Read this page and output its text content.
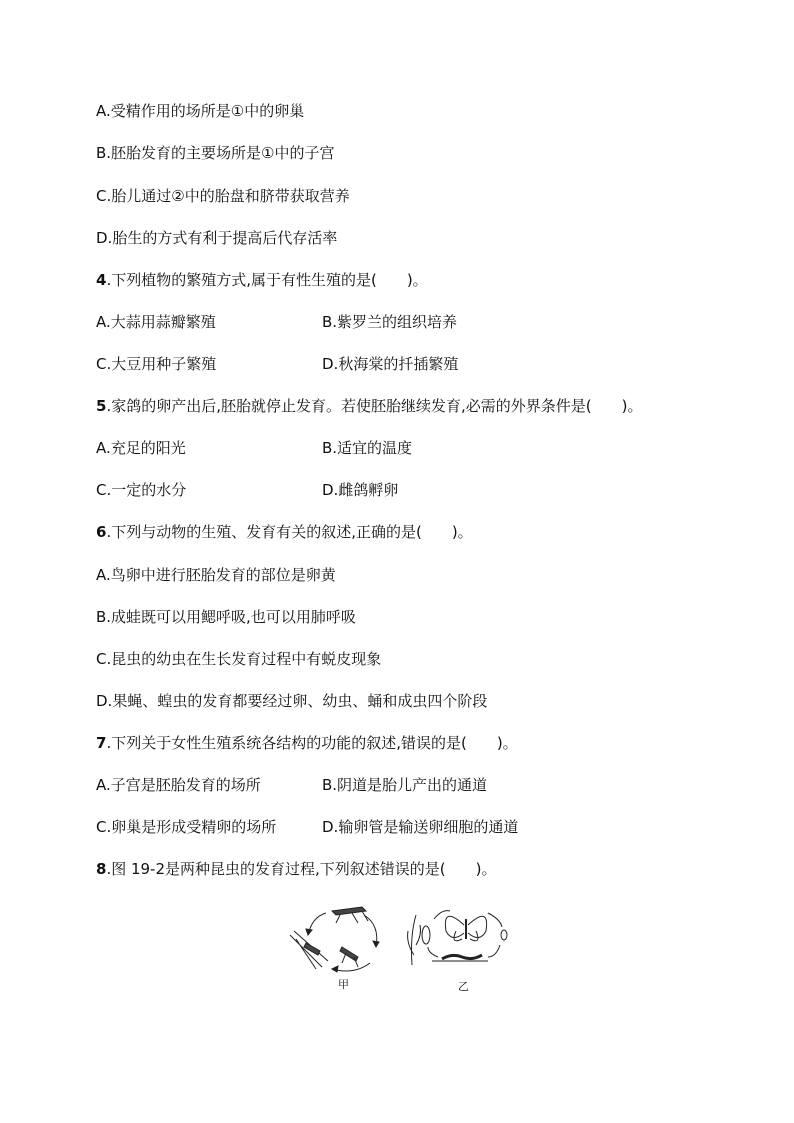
A.受精作用的场所是①中的卵巢
B.胚胎发育的主要场所是①中的子宫
C.胎儿通过②中的胎盘和脐带获取营养
D.胎生的方式有利于提高后代存活率
4.下列植物的繁殖方式,属于有性生殖的是(　　)。
A.大蒜用蒜瓣繁殖	B.紫罗兰的组织培养
C.大豆用种子繁殖	D.秋海棠的扦插繁殖
5.家鸽的卵产出后,胚胎就停止发育。若使胚胎继续发育,必需的外界条件是(　　)。
A.充足的阳光	B.适宜的温度
C.一定的水分	D.雌鸽孵卵
6.下列与动物的生殖、发育有关的叙述,正确的是(　　)。
A.鸟卵中进行胚胎发育的部位是卵黄
B.成蛙既可以用鳃呼吸,也可以用肺呼吸
C.昆虫的幼虫在生长发育过程中有蜕皮现象
D.果蝇、蝗虫的发育都要经过卵、幼虫、蛹和成虫四个阶段
7.下列关于女性生殖系统各结构的功能的叙述,错误的是(　　)。
A.子宫是胚胎发育的场所	B.阴道是胎儿产出的通道
C.卵巢是形成受精卵的场所	D.输卵管是输送卵细胞的通道
8.图 19-2是两种昆虫的发育过程,下列叙述错误的是(　　)。
甲	乙
